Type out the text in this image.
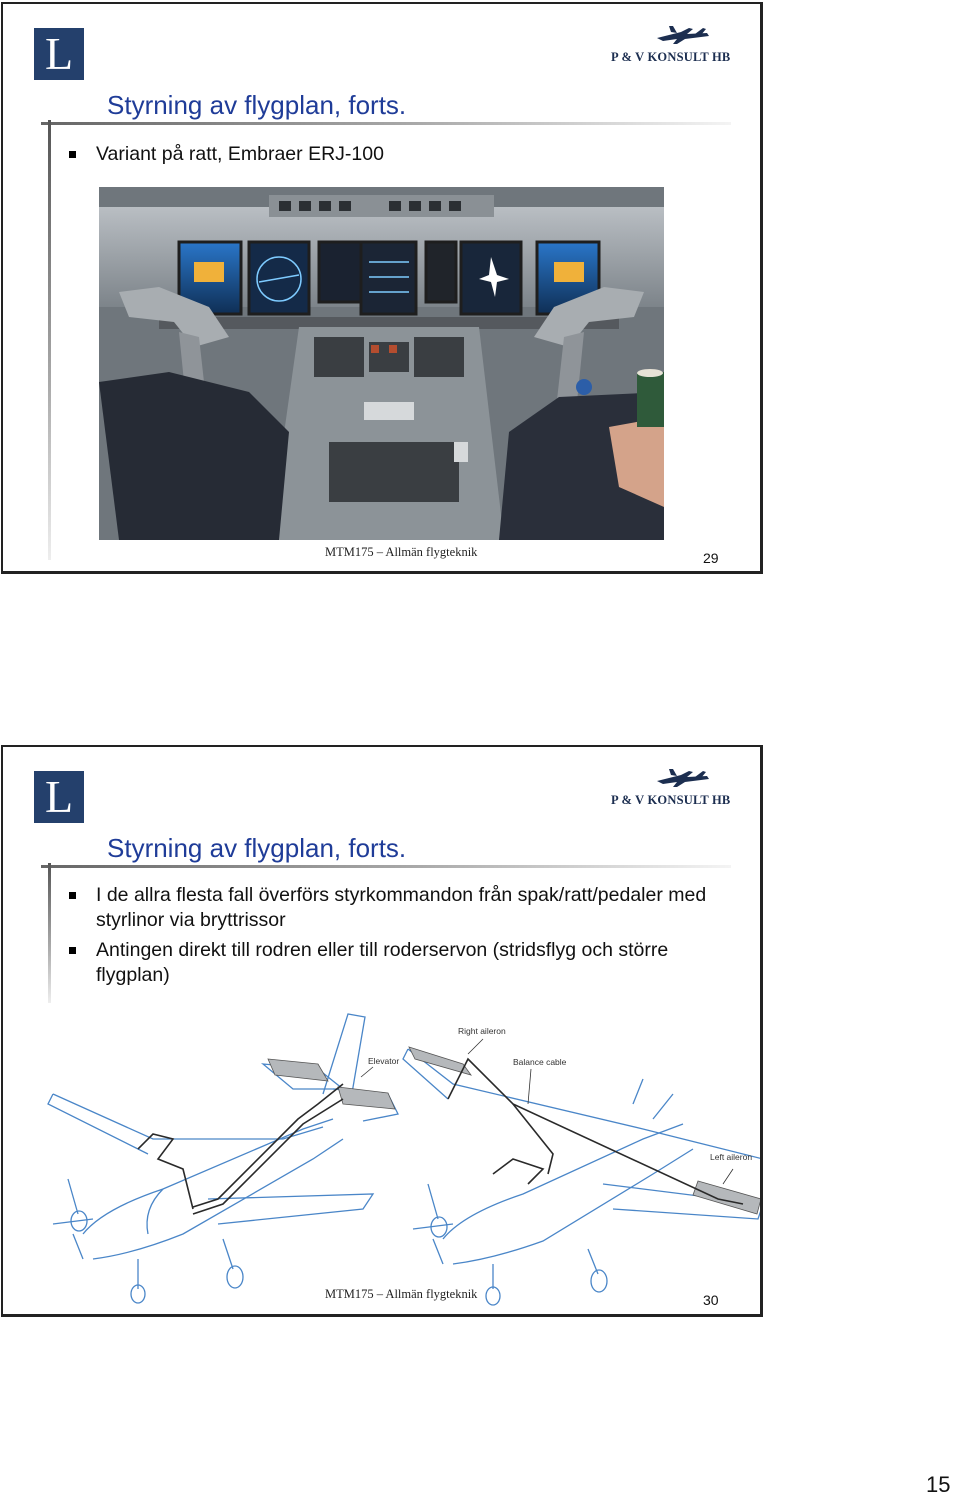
L	P & V KONSULT HB
Styrning av flygplan, forts.
Variant på ratt, Embraer ERJ-100
MTM175 – Allmän flygteknik	29
L	P & V KONSULT HB
Styrning av flygplan, forts.
I de allra flesta fall överförs styrkommandon från spak/ratt/pedaler med styrlinor via bryttrissor
Antingen direkt till rodren eller till roderservon (stridsflyg och större flygplan)
Elevator
Right aileron
Balance cable
Left aileron
MTM175 – Allmän flygteknik	30
15
